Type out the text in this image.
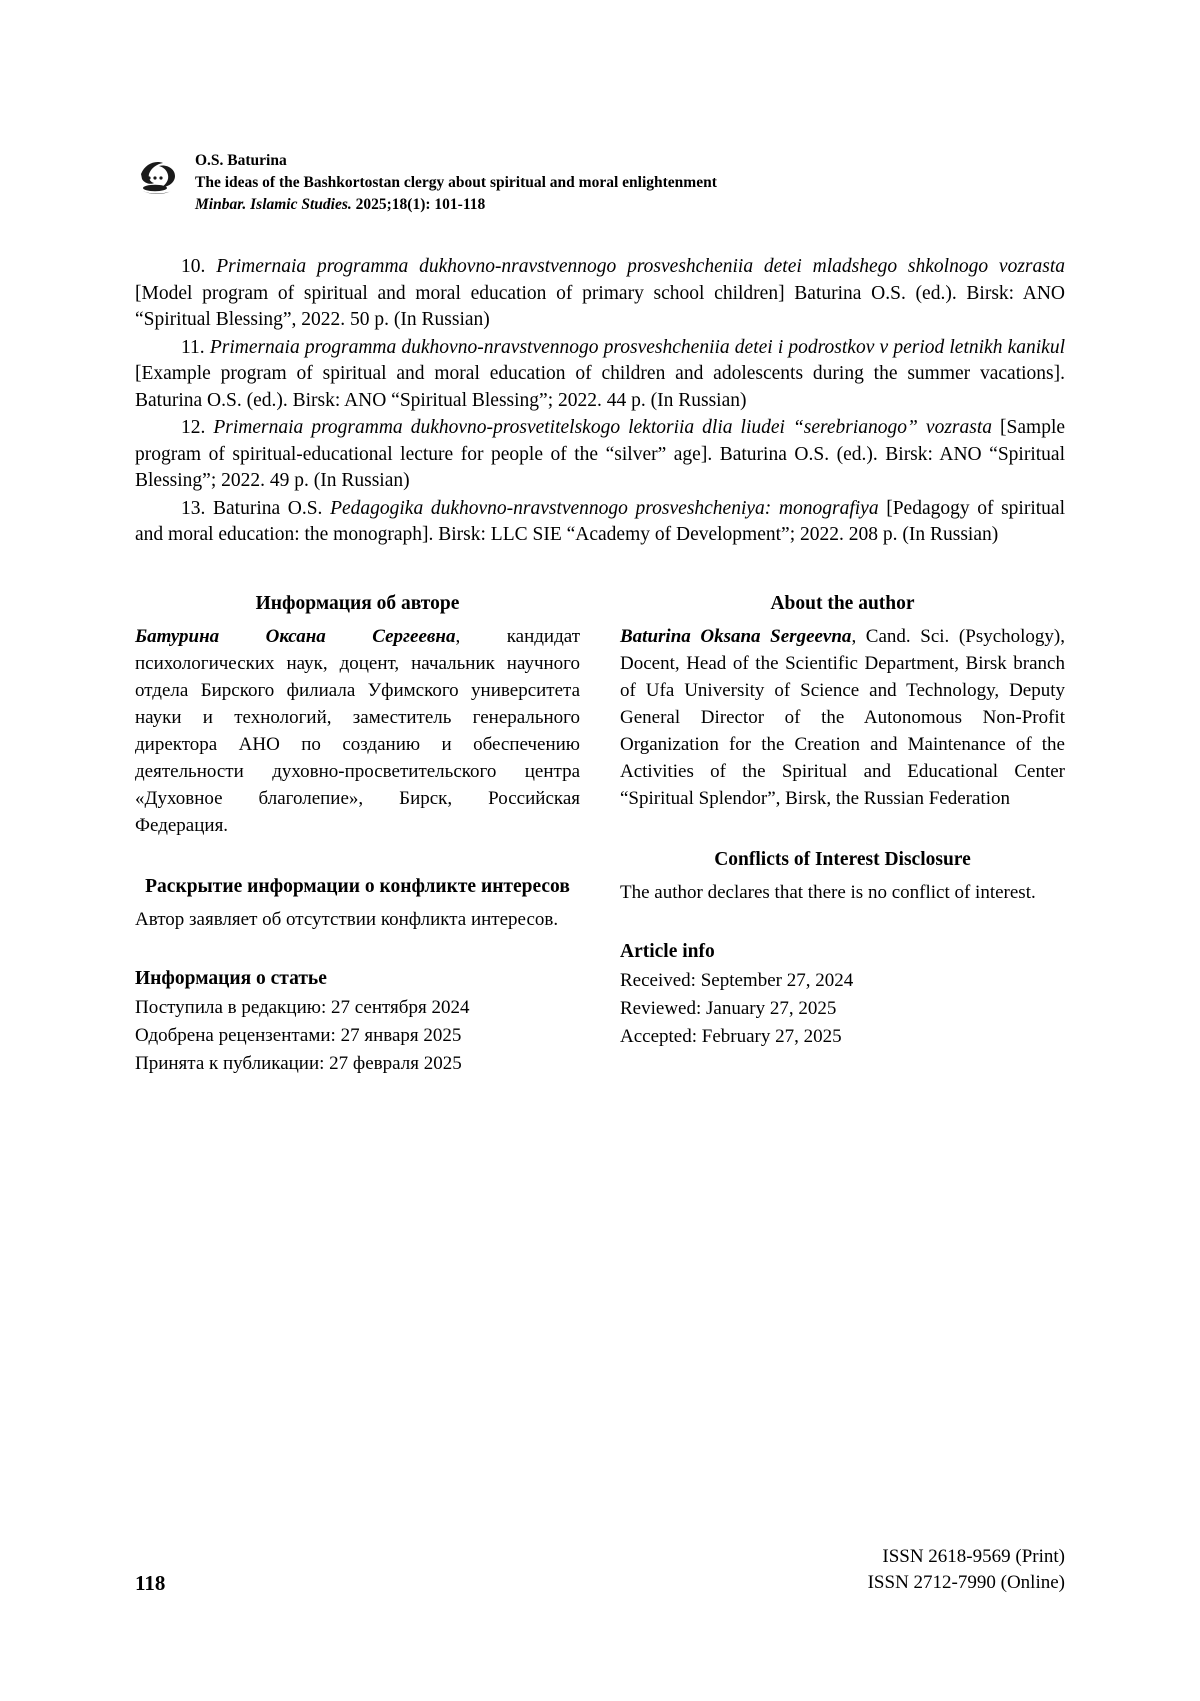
O.S. Baturina
The ideas of the Bashkortostan clergy about spiritual and moral enlightenment
Minbar. Islamic Studies. 2025;18(1): 101-118
10. Primernaia programma dukhovno-nravstvennogo prosveshcheniia detei mladshego shkolnogo vozrasta [Model program of spiritual and moral education of primary school children] Baturina O.S. (ed.). Birsk: ANO “Spiritual Blessing”, 2022. 50 p. (In Russian)
11. Primernaia programma dukhovno-nravstvennogo prosveshcheniia detei i podrostkov v period letnikh kanikul [Example program of spiritual and moral education of children and adolescents during the summer vacations]. Baturina O.S. (ed.). Birsk: ANO “Spiritual Blessing”; 2022. 44 p. (In Russian)
12. Primernaia programma dukhovno-prosvetitelskogo lektoriia dlia liudei “serebrianogo” vozrasta [Sample program of spiritual-educational lecture for people of the “silver” age]. Baturina O.S. (ed.). Birsk: ANO “Spiritual Blessing”; 2022. 49 p. (In Russian)
13. Baturina O.S. Pedagogika dukhovno-nravstvennogo prosveshcheniya: monografiya [Pedagogy of spiritual and moral education: the monograph]. Birsk: LLC SIE “Academy of Development”; 2022. 208 p. (In Russian)
Информация об авторе
Батурина Оксана Сергеевна, кандидат психологических наук, доцент, начальник научного отдела Бирского филиала Уфимского университета науки и технологий, заместитель генерального директора АНО по созданию и обеспечению деятельности духовно-просветительского центра «Духовное благолепие», Бирск, Российская Федерация.
Раскрытие информации о конфликте интересов
Автор заявляет об отсутствии конфликта интересов.
Информация о статье
Поступила в редакцию: 27 сентября 2024
Одобрена рецензентами: 27 января 2025
Принята к публикации: 27 февраля 2025
About the author
Baturina Oksana Sergeevna, Cand. Sci. (Psychology), Docent, Head of the Scientific Department, Birsk branch of Ufa University of Science and Technology, Deputy General Director of the Autonomous Non-Profit Organization for the Creation and Maintenance of the Activities of the Spiritual and Educational Center “Spiritual Splendor”, Birsk, the Russian Federation
Conflicts of Interest Disclosure
The author declares that there is no conflict of interest.
Article info
Received: September 27, 2024
Reviewed: January 27, 2025
Accepted: February 27, 2025
118
ISSN 2618-9569 (Print)
ISSN 2712-7990 (Online)
